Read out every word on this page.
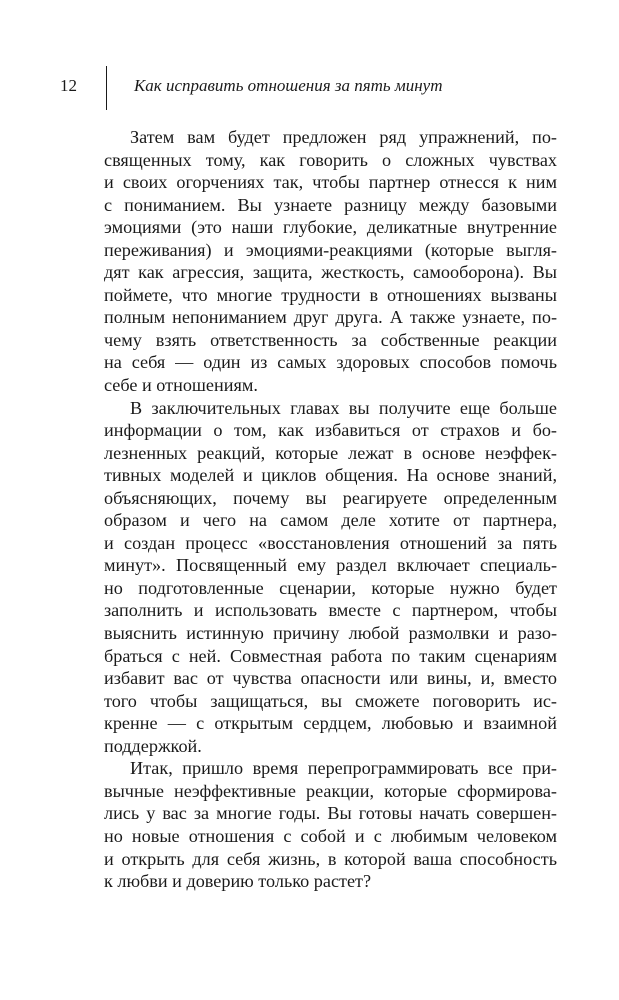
12	Как исправить отношения за пять минут
Затем вам будет предложен ряд упражнений, по-
священных тому, как говорить о сложных чувствах
и своих огорчениях так, чтобы партнер отнесся к ним
с пониманием. Вы узнаете разницу между базовыми
эмоциями (это наши глубокие, деликатные внутренние
переживания) и эмоциями-реакциями (которые выгля-
дят как агрессия, защита, жесткость, самооборона). Вы
поймете, что многие трудности в отношениях вызваны
полным непониманием друг друга. А также узнаете, по-
чему взять ответственность за собственные реакции
на себя — один из самых здоровых способов помочь
себе и отношениям.
В заключительных главах вы получите еще больше
информации о том, как избавиться от страхов и бо-
лезненных реакций, которые лежат в основе неэффек-
тивных моделей и циклов общения. На основе знаний,
объясняющих, почему вы реагируете определенным
образом и чего на самом деле хотите от партнера,
и создан процесс «восстановления отношений за пять
минут». Посвященный ему раздел включает специаль-
но подготовленные сценарии, которые нужно будет
заполнить и использовать вместе с партнером, чтобы
выяснить истинную причину любой размолвки и разо-
браться с ней. Совместная работа по таким сценариям
избавит вас от чувства опасности или вины, и, вместо
того чтобы защищаться, вы сможете поговорить ис-
кренне — с открытым сердцем, любовью и взаимной
поддержкой.
Итак, пришло время перепрограммировать все при-
вычные неэффективные реакции, которые сформирова-
лись у вас за многие годы. Вы готовы начать совершен-
но новые отношения с собой и с любимым человеком
и открыть для себя жизнь, в которой ваша способность
к любви и доверию только растет?
